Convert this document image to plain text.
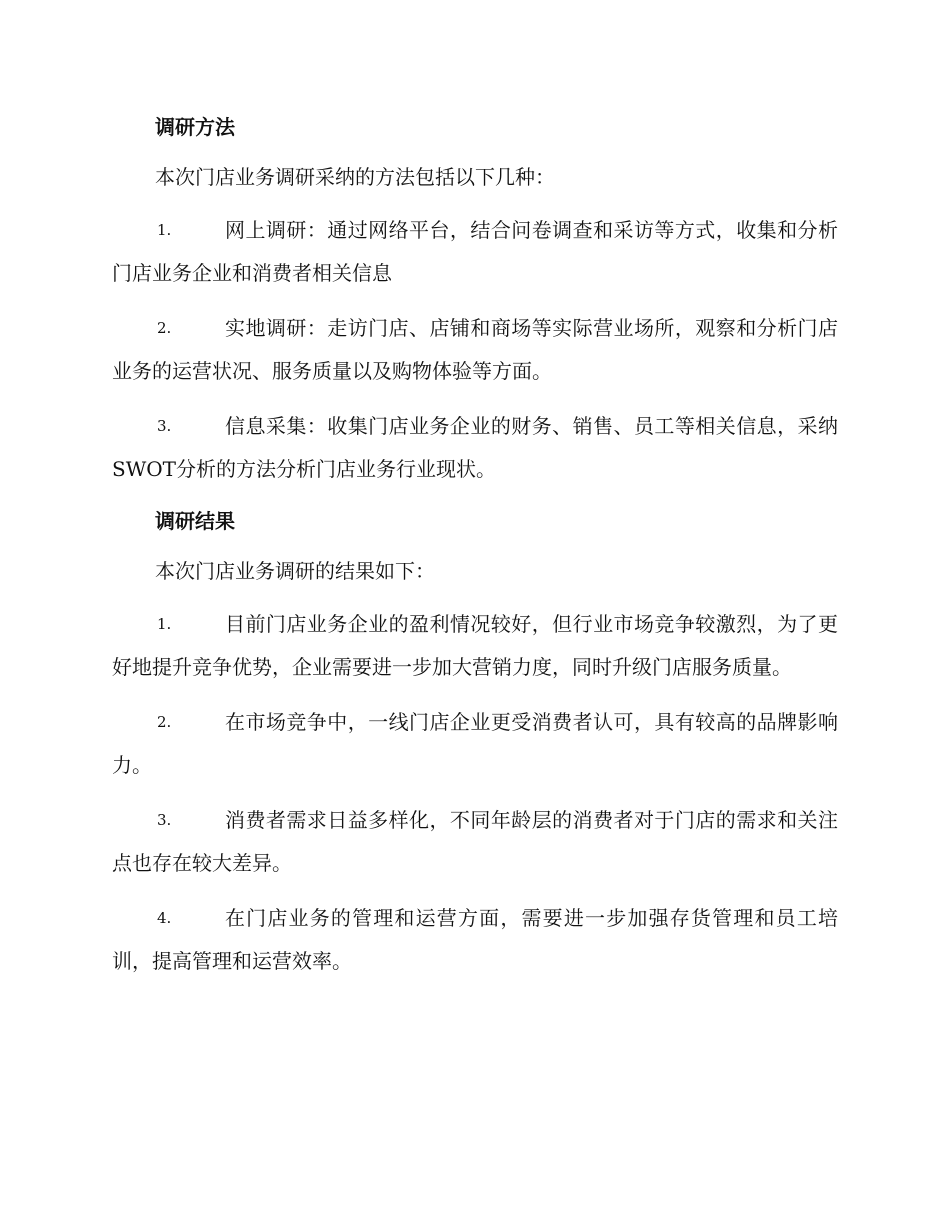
调研方法
本次门店业务调研采纳的方法包括以下几种：
1.	网上调研：通过网络平台，结合问卷调查和采访等方式，收集和分析门店业务企业和消费者相关信息
2.	实地调研：走访门店、店铺和商场等实际营业场所，观察和分析门店业务的运营状况、服务质量以及购物体验等方面。
3.	信息采集：收集门店业务企业的财务、销售、员工等相关信息，采纳SWOT分析的方法分析门店业务行业现状。
调研结果
本次门店业务调研的结果如下：
1.	目前门店业务企业的盈利情况较好，但行业市场竞争较激烈，为了更好地提升竞争优势，企业需要进一步加大营销力度，同时升级门店服务质量。
2.	在市场竞争中，一线门店企业更受消费者认可，具有较高的品牌影响力。
3.	消费者需求日益多样化，不同年龄层的消费者对于门店的需求和关注点也存在较大差异。
4.	在门店业务的管理和运营方面，需要进一步加强存货管理和员工培训，提高管理和运营效率。
